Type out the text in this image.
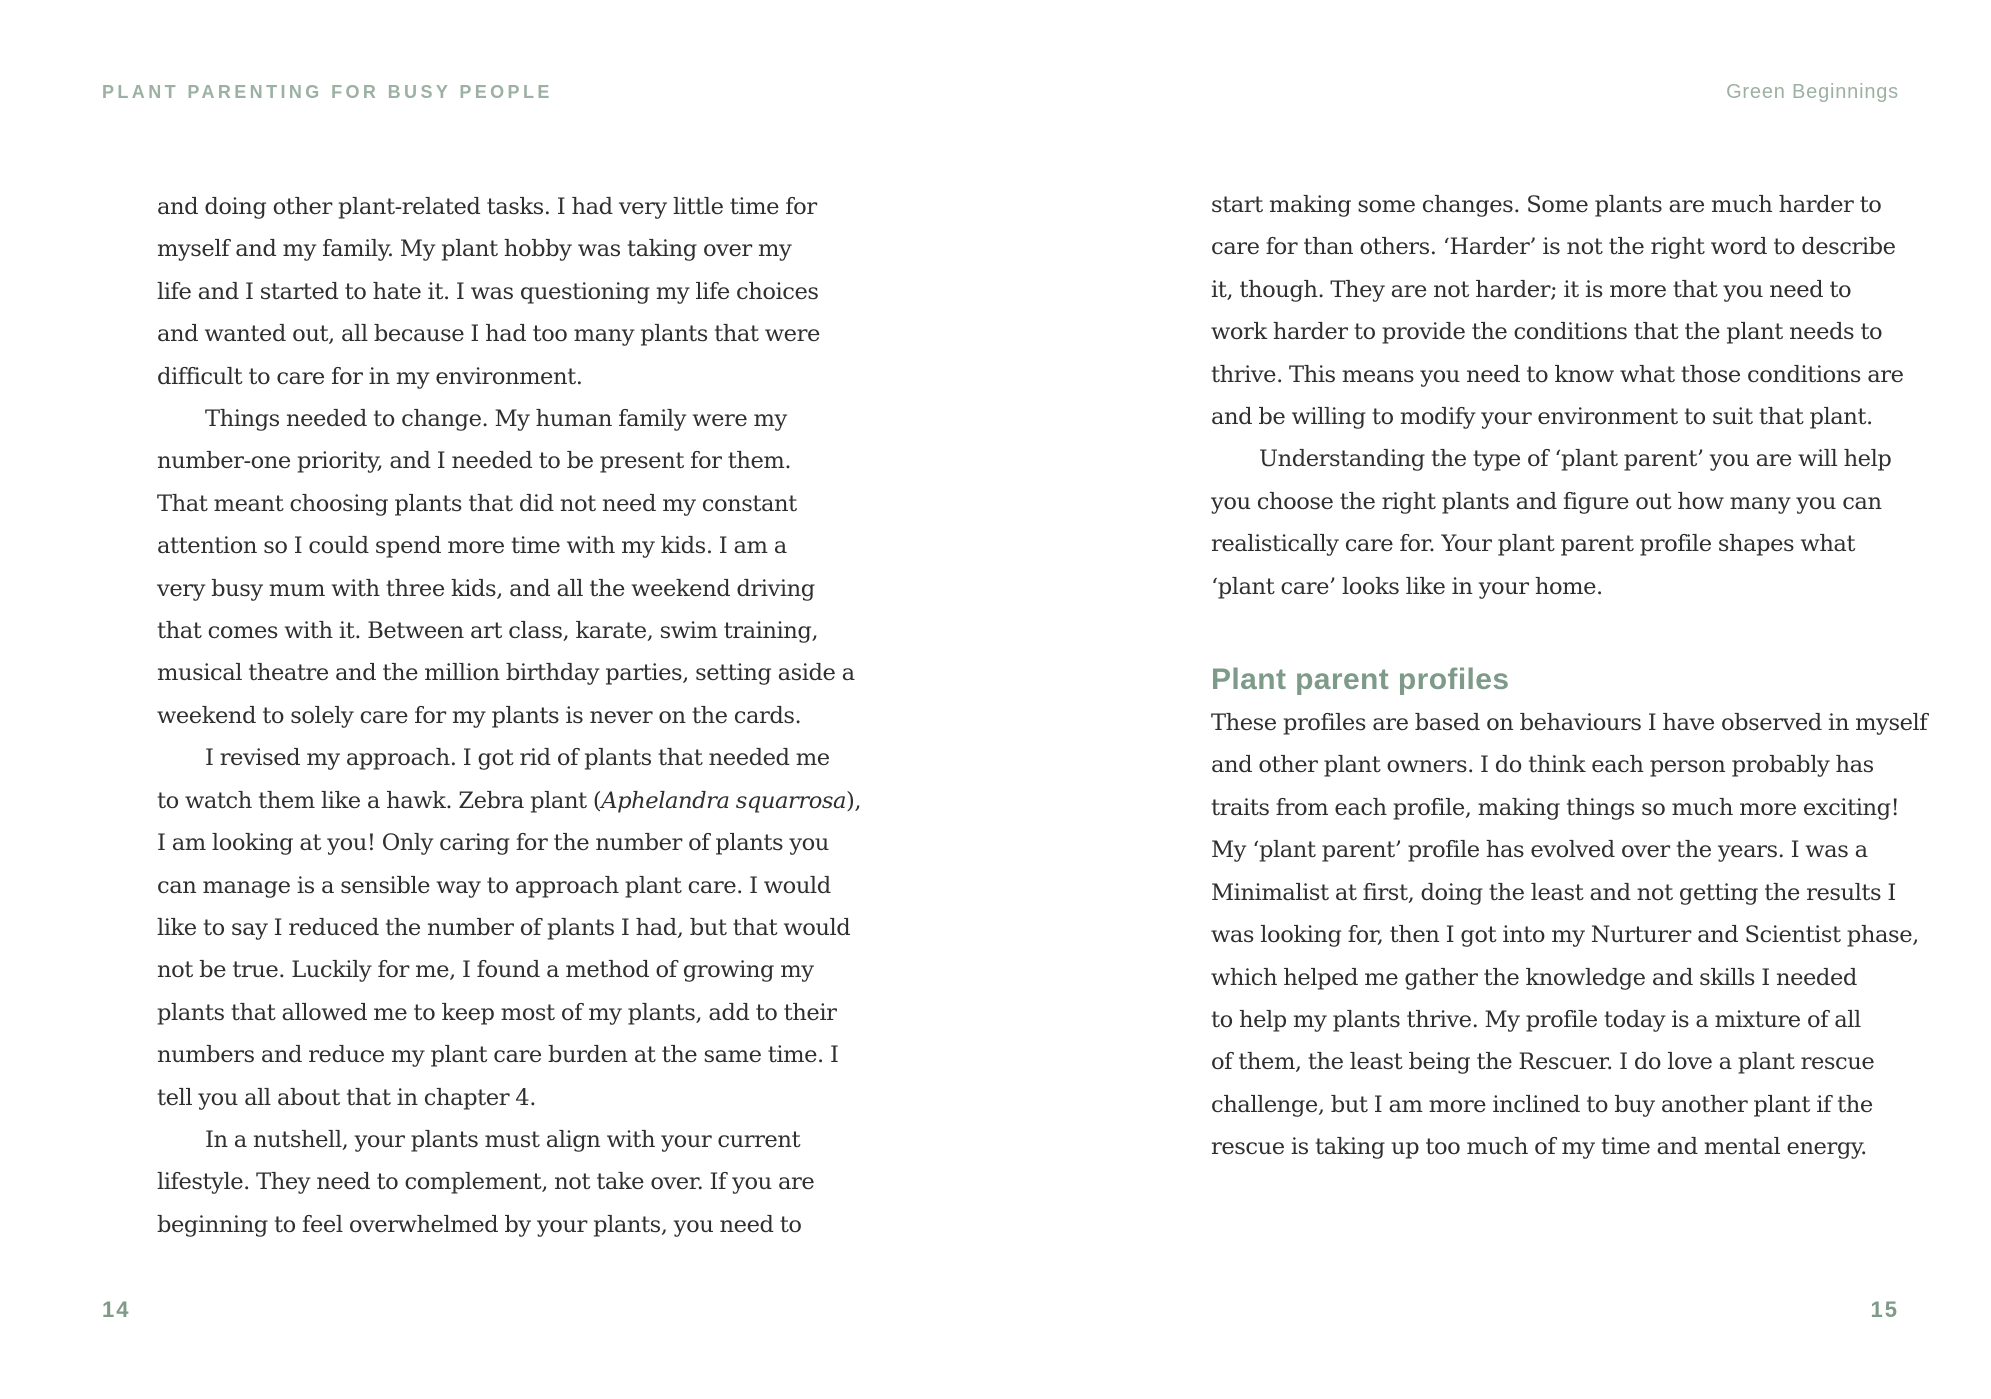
PLANT PARENTING FOR BUSY PEOPLE	Green Beginnings
and doing other plant-related tasks. I had very little time for
myself and my family. My plant hobby was taking over my
life and I started to hate it. I was questioning my life choices
and wanted out, all because I had too many plants that were
difficult to care for in my environment.
Things needed to change. My human family were my
number-one priority, and I needed to be present for them.
That meant choosing plants that did not need my constant
attention so I could spend more time with my kids. I am a
very busy mum with three kids, and all the weekend driving
that comes with it. Between art class, karate, swim training,
musical theatre and the million birthday parties, setting aside a
weekend to solely care for my plants is never on the cards.
I revised my approach. I got rid of plants that needed me
to watch them like a hawk. Zebra plant (Aphelandra squarrosa),
I am looking at you! Only caring for the number of plants you
can manage is a sensible way to approach plant care. I would
like to say I reduced the number of plants I had, but that would
not be true. Luckily for me, I found a method of growing my
plants that allowed me to keep most of my plants, add to their
numbers and reduce my plant care burden at the same time. I
tell you all about that in chapter 4.
In a nutshell, your plants must align with your current
lifestyle. They need to complement, not take over. If you are
beginning to feel overwhelmed by your plants, you need to
start making some changes. Some plants are much harder to
care for than others. ‘Harder’ is not the right word to describe
it, though. They are not harder; it is more that you need to
work harder to provide the conditions that the plant needs to
thrive. This means you need to know what those conditions are
and be willing to modify your environment to suit that plant.
Understanding the type of ‘plant parent’ you are will help
you choose the right plants and figure out how many you can
realistically care for. Your plant parent profile shapes what
‘plant care’ looks like in your home.
Plant parent profiles
These profiles are based on behaviours I have observed in myself
and other plant owners. I do think each person probably has
traits from each profile, making things so much more exciting!
My ‘plant parent’ profile has evolved over the years. I was a
Minimalist at first, doing the least and not getting the results I
was looking for, then I got into my Nurturer and Scientist phase,
which helped me gather the knowledge and skills I needed
to help my plants thrive. My profile today is a mixture of all
of them, the least being the Rescuer. I do love a plant rescue
challenge, but I am more inclined to buy another plant if the
rescue is taking up too much of my time and mental energy.
14	15
